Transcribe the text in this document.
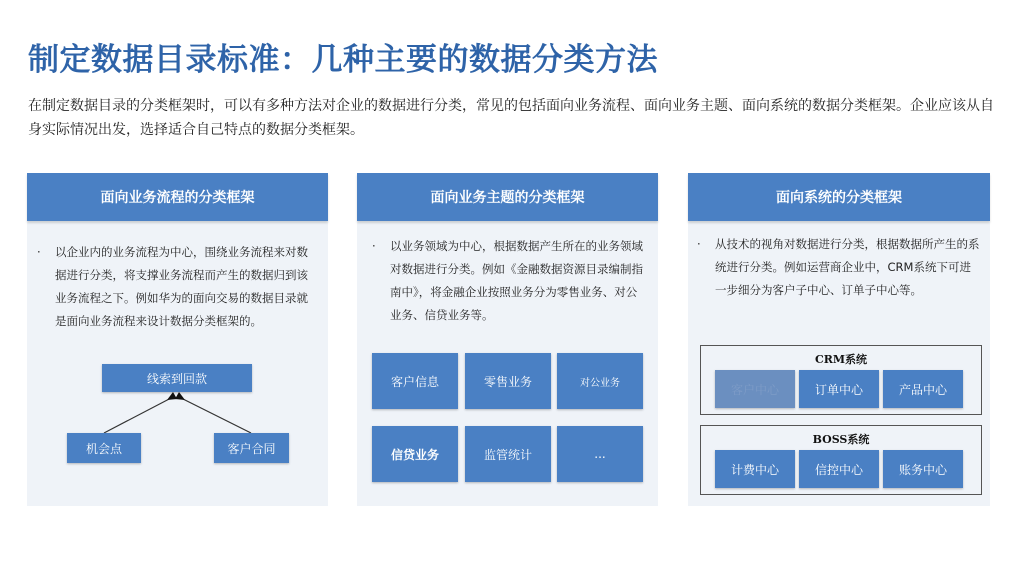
制定数据目录标准：几种主要的数据分类方法
在制定数据目录的分类框架时，可以有多种方法对企业的数据进行分类，常见的包括面向业务流程、面向业务主题、面向系统的数据分类框架。企业应该从自身实际情况出发，选择适合自己特点的数据分类框架。
面向业务流程的分类框架
· 以企业内的业务流程为中心，围绕业务流程来对数据进行分类，将支撑业务流程而产生的数据归到该业务流程之下。例如华为的面向交易的数据目录就是面向业务流程来设计数据分类框架的。
线索到回款
机会点	客户合同
面向业务主题的分类框架
· 以业务领域为中心，根据数据产生所在的业务领域对数据进行分类。例如《金融数据资源目录编制指南中》，将金融企业按照业务分为零售业务、对公业务、信贷业务等。
客户信息	零售业务	对公业务
信贷业务	监管统计	...
面向系统的分类框架
· 从技术的视角对数据进行分类，根据数据所产生的系统进行分类。例如运营商企业中，CRM系统下可进一步细分为客户子中心、订单子中心等。
CRM系统
客户中心	订单中心	产品中心
BOSS系统
计费中心	信控中心	账务中心
